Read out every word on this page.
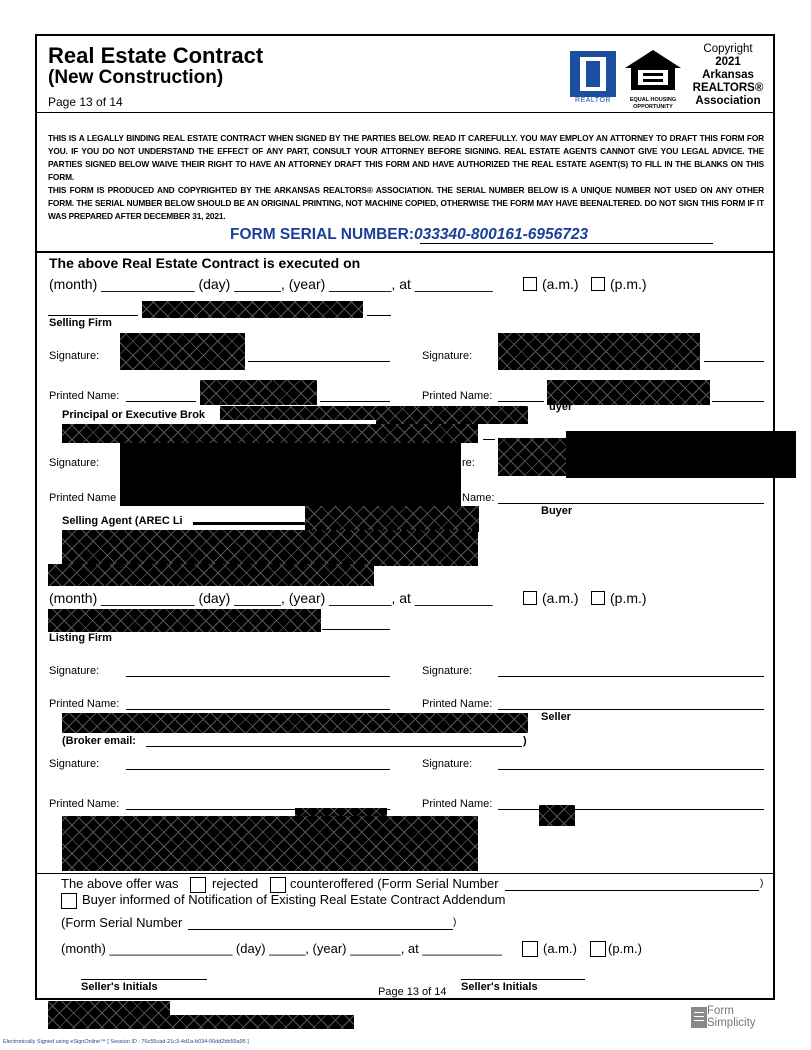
Real Estate Contract
(New Construction)
Page 13 of 14	REALTOR	EQUAL HOUSING OPPORTUNITY
Copyright
2021
Arkansas
REALTORS®
Association
THIS IS A LEGALLY BINDING REAL ESTATE CONTRACT WHEN SIGNED BY THE PARTIES BELOW. READ IT CAREFULLY. YOU MAY EMPLOY AN ATTORNEY TO DRAFT THIS FORM FOR YOU. IF YOU DO NOT UNDERSTAND THE EFFECT OF ANY PART, CONSULT YOUR ATTORNEY BEFORE SIGNING. REAL ESTATE AGENTS CANNOT GIVE YOU LEGAL ADVICE. THE PARTIES SIGNED BELOW WAIVE THEIR RIGHT TO HAVE AN ATTORNEY DRAFT THIS FORM AND HAVE AUTHORIZED THE REAL ESTATE AGENT(S) TO FILL IN THE BLANKS ON THIS FORM.
THIS FORM IS PRODUCED AND COPYRIGHTED BY THE ARKANSAS REALTORS® ASSOCIATION. THE SERIAL NUMBER BELOW IS A UNIQUE NUMBER NOT USED ON ANY OTHER FORM. THE SERIAL NUMBER BELOW SHOULD BE AN ORIGINAL PRINTING, NOT MACHINE COPIED, OTHERWISE THE FORM MAY HAVE BEENALTERED. DO NOT SIGN THIS FORM IF IT WAS PREPARED AFTER DECEMBER 31, 2021.
FORM SERIAL NUMBER:033340-800161-6956723
The above Real Estate Contract is executed on
(month) ____________ (day) ______, (year) ________, at __________	(a.m.) (p.m.)
Selling Firm
Signature:	Signature:
Printed Name:	Printed Name:
Principal or Executive Brok
uyer
Signature:	re:
Printed Name	Name:
Buyer
Selling Agent (AREC Li
(month) ____________ (day) ______, (year) ________, at __________	(a.m.) (p.m.)
Listing Firm
Signature:	Signature:
Printed Name:	Printed Name:
Seller
(Broker email:	)
Signature:	Signature:
Printed Name:	Printed Name:
The above offer was	rejected counteroffered (Form Serial Number	)
Buyer informed of Notification of Existing Real Estate Contract Addendum
(Form Serial Number	)
(month) _________________ (day) _____, (year) _______, at ___________	(a.m.) (p.m.)
Seller's Initials	Page 13 of 14 Seller's Initials
Form
Simplicity
Electronically Signed using eSignOnline™ [ Session ID : 76c55cad-21c3-4d1a-b034-06dd2bb59a95 ]
